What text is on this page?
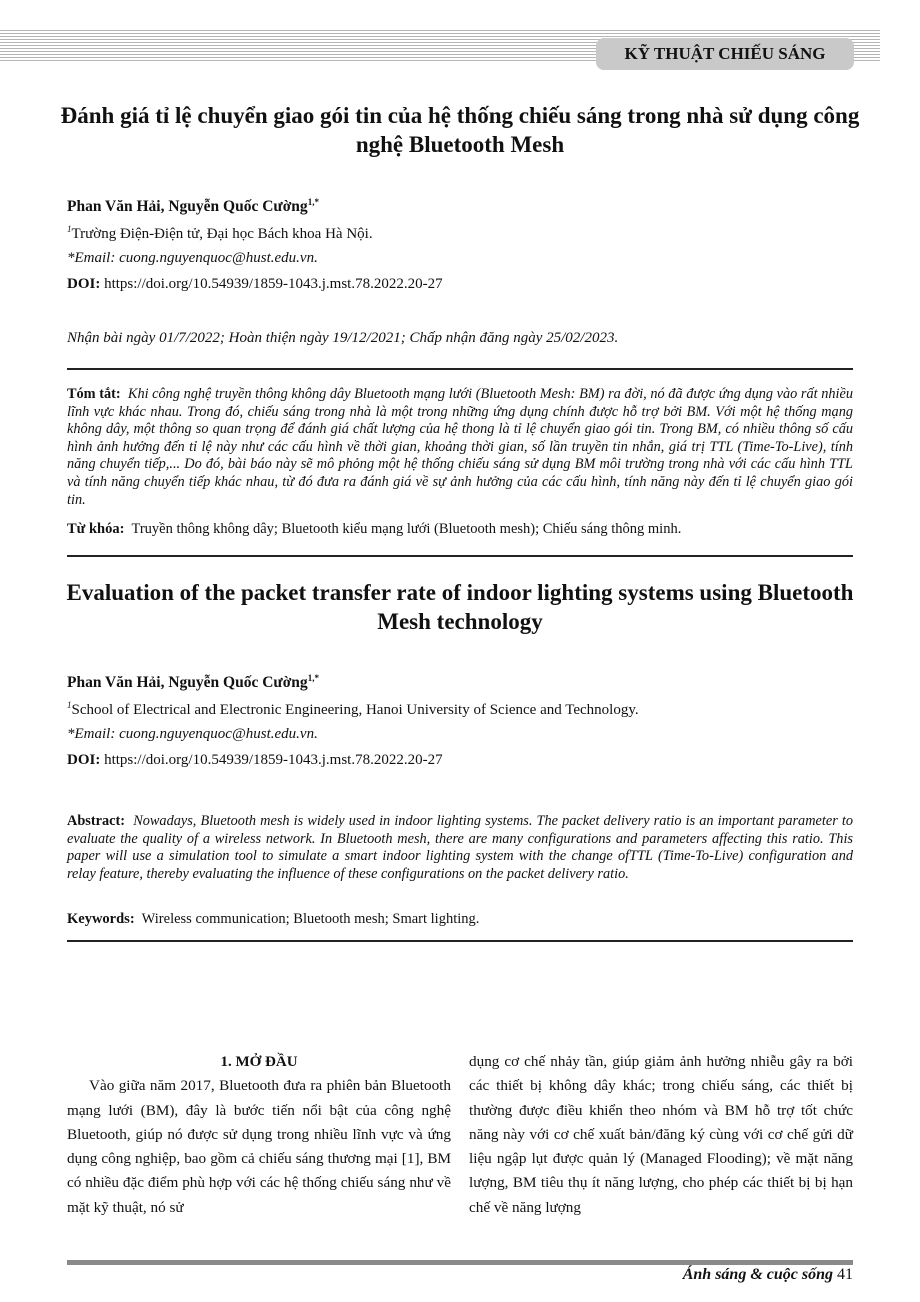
KỸ THUẬT CHIẾU SÁNG
Đánh giá tỉ lệ chuyển giao gói tin của hệ thống chiếu sáng trong nhà sử dụng công nghệ Bluetooth Mesh
Phan Văn Hải, Nguyễn Quốc Cường$^{1,*}$
$^1$Trường Điện-Điện tử, Đại học Bách khoa Hà Nội.
*Email: cuong.nguyenquoc@hust.edu.vn.
DOI: https://doi.org/10.54939/1859-1043.j.mst.78.2022.20-27
Nhận bài ngày 01/7/2022; Hoàn thiện ngày 19/12/2021; Chấp nhận đăng ngày 25/02/2023.
Tóm tắt: Khi công nghệ truyền thông không dây Bluetooth mạng lưới (Bluetooth Mesh: BM) ra đời, nó đã được ứng dụng vào rất nhiều lĩnh vực khác nhau. Trong đó, chiếu sáng trong nhà là một trong những ứng dụng chính được hỗ trợ bởi BM. Với một hệ thống mạng không dây, một thông so quan trọng để đánh giá chất lượng của hệ thong là tỉ lệ chuyển giao gói tin. Trong BM, có nhiều thông số cấu hình ảnh hưởng đến tỉ lệ này như các cấu hình về thời gian, khoảng thời gian, số lần truyền tin nhắn, giá trị TTL (Time-To-Live), tính năng chuyển tiếp,... Do đó, bài báo này sẽ mô phỏng một hệ thống chiếu sáng sử dụng BM môi trường trong nhà với các cấu hình TTL và tính năng chuyển tiếp khác nhau, từ đó đưa ra đánh giá về sự ảnh hưởng của các cấu hình, tính năng này đến tỉ lệ chuyển giao gói tin.
Từ khóa: Truyền thông không dây; Bluetooth kiểu mạng lưới (Bluetooth mesh); Chiếu sáng thông minh.
Evaluation of the packet transfer rate of indoor lighting systems using Bluetooth Mesh technology
Phan Văn Hải, Nguyễn Quốc Cường$^{1,*}$
$^1$School of Electrical and Electronic Engineering, Hanoi University of Science and Technology.
*Email: cuong.nguyenquoc@hust.edu.vn.
DOI: https://doi.org/10.54939/1859-1043.j.mst.78.2022.20-27
Abstract: Nowadays, Bluetooth mesh is widely used in indoor lighting systems. The packet delivery ratio is an important parameter to evaluate the quality of a wireless network. In Bluetooth mesh, there are many configurations and parameters affecting this ratio. This paper will use a simulation tool to simulate a smart indoor lighting system with the change ofTTL (Time-To-Live) configuration and relay feature, thereby evaluating the influence of these configurations on the packet delivery ratio.
Keywords: Wireless communication; Bluetooth mesh; Smart lighting.
1. MỞ ĐẦU

Vào giữa năm 2017, Bluetooth đưa ra phiên bản Bluetooth mạng lưới (BM), đây là bước tiến nổi bật của công nghệ Bluetooth, giúp nó được sử dụng trong nhiều lĩnh vực và ứng dụng công nghiệp, bao gồm cả chiếu sáng thương mại [1], BM có nhiều đặc điểm phù hợp với các hệ thống chiếu sáng như về mặt kỹ thuật, nó sử

dụng cơ chế nhảy tần, giúp giảm ảnh hưởng nhiễu gây ra bởi các thiết bị không dây khác; trong chiếu sáng, các thiết bị thường được điều khiển theo nhóm và BM hỗ trợ tốt chức năng này với cơ chế xuất bản/đăng ký cùng với cơ chế gửi dữ liệu ngập lụt được quản lý (Managed Flooding); về mặt năng lượng, BM tiêu thụ ít năng lượng, cho phép các thiết bị bị hạn chế về năng lượng

Ánh sáng & cuộc sống 41
